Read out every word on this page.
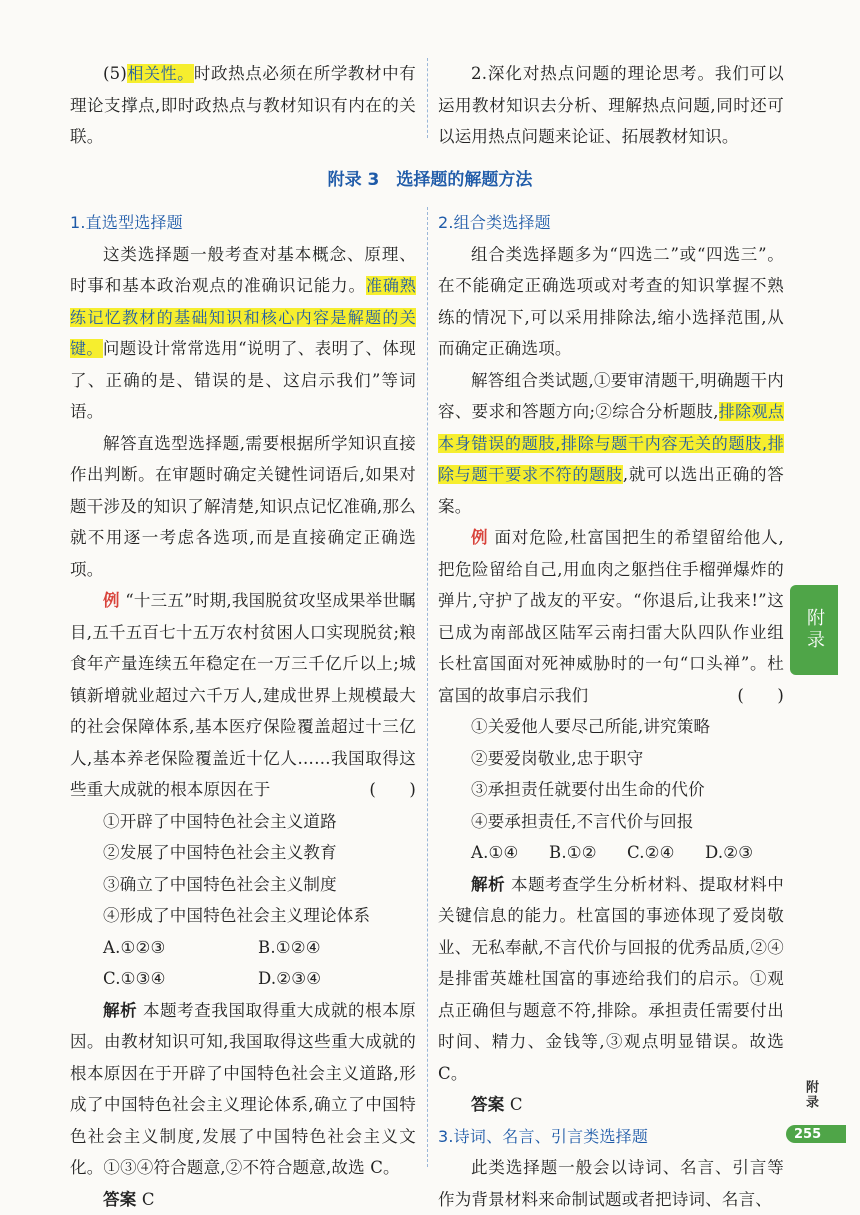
(5)相关性。时政热点必须在所学教材中有理论支撑点,即时政热点与教材知识有内在的关联。

2.深化对热点问题的理论思考。我们可以运用教材知识去分析、理解热点问题,同时还可以运用热点问题来论证、拓展教材知识。

附录 3　选择题的解题方法

1.直选型选择题

这类选择题一般考查对基本概念、原理、时事和基本政治观点的准确识记能力。准确熟练记忆教材的基础知识和核心内容是解题的关键。问题设计常常选用“说明了、表明了、体现了、正确的是、错误的是、这启示我们”等词语。

解答直选型选择题,需要根据所学知识直接作出判断。在审题时确定关键性词语后,如果对题干涉及的知识了解清楚,知识点记忆准确,那么就不用逐一考虑各选项,而是直接确定正确选项。

例 “十三五”时期,我国脱贫攻坚成果举世瞩目,五千五百七十五万农村贫困人口实现脱贫;粮食年产量连续五年稳定在一万三千亿斤以上;城镇新增就业超过六千万人,建成世界上规模最大的社会保障体系,基本医疗保险覆盖超过十三亿人,基本养老保险覆盖近十亿人……我国取得这些重大成就的根本原因在于	(　　)

①开辟了中国特色社会主义道路

②发展了中国特色社会主义教育

③确立了中国特色社会主义制度

④形成了中国特色社会主义理论体系

A.①②③	B.①②④
C.①③④	D.②③④

解析 本题考查我国取得重大成就的根本原因。由教材知识可知,我国取得这些重大成就的根本原因在于开辟了中国特色社会主义道路,形成了中国特色社会主义理论体系,确立了中国特色社会主义制度,发展了中国特色社会主义文化。①③④符合题意,②不符合题意,故选 C。

答案 C

2.组合类选择题

组合类选择题多为“四选二”或“四选三”。在不能确定正确选项或对考查的知识掌握不熟练的情况下,可以采用排除法,缩小选择范围,从而确定正确选项。

解答组合类试题,①要审清题干,明确题干内容、要求和答题方向;②综合分析题肢,排除观点本身错误的题肢,排除与题干内容无关的题肢,排除与题干要求不符的题肢,就可以选出正确的答案。

例 面对危险,杜富国把生的希望留给他人,把危险留给自己,用血肉之躯挡住手榴弹爆炸的弹片,守护了战友的平安。“你退后,让我来!”这已成为南部战区陆军云南扫雷大队四队作业组长杜富国面对死神威胁时的一句“口头禅”。杜富国的故事启示我们	(　　)

①关爱他人要尽己所能,讲究策略

②要爱岗敬业,忠于职守

③承担责任就要付出生命的代价

④要承担责任,不言代价与回报

A.①④	B.①②	C.②④	D.②③

解析 本题考查学生分析材料、提取材料中关键信息的能力。杜富国的事迹体现了爱岗敬业、无私奉献,不言代价与回报的优秀品质,②④是排雷英雄杜国富的事迹给我们的启示。①观点正确但与题意不符,排除。承担责任需要付出时间、精力、金钱等,③观点明显错误。故选 C。

答案 C

3.诗词、名言、引言类选择题

此类选择题一般会以诗词、名言、引言等作为背景材料来命制试题或者把诗词、名言、

附录
附录
255
